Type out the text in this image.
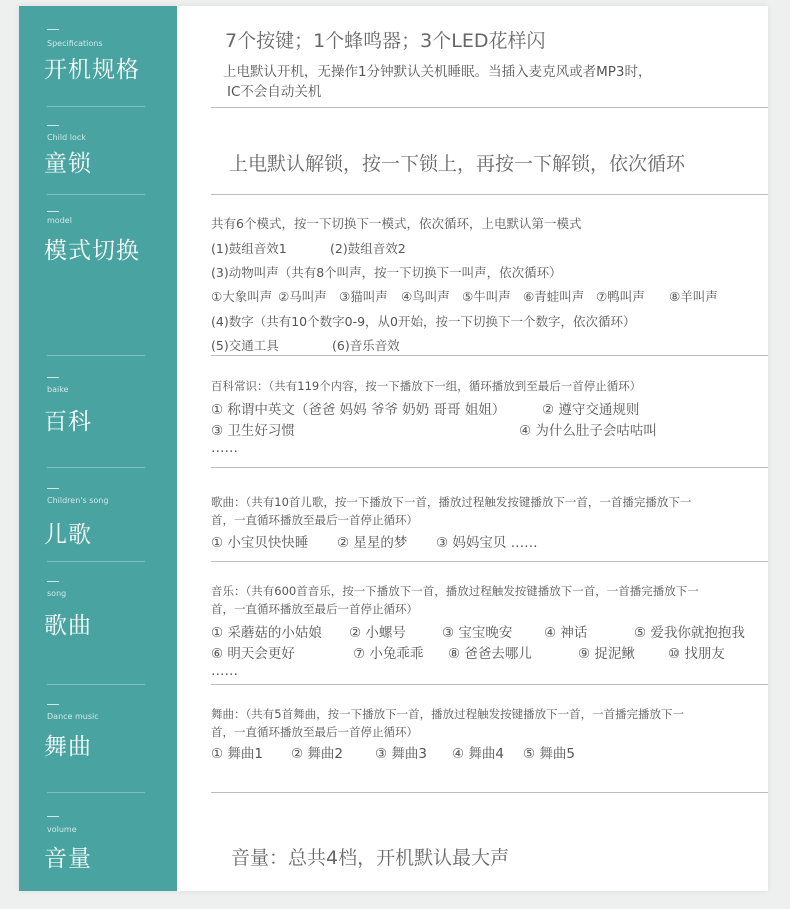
Specifications
开机规格
7个按键；1个蜂鸣器；3个LED花样闪
上电默认开机，无操作1分钟默认关机睡眠。当插入麦克风或者MP3时，
IC不会自动关机
Child lock
童锁	上电默认解锁，按一下锁上，再按一下解锁，依次循环
model
模式切换
共有6个模式，按一下切换下一模式，依次循环，上电默认第一模式
(1)鼓组音效1	(2)鼓组音效2
(3)动物叫声（共有8个叫声，按一下切换下一叫声，依次循环）
①大象叫声 ②马叫声 ③猫叫声 ④鸟叫声 ⑤牛叫声 ⑥青蛙叫声 ⑦鸭叫声 ⑧羊叫声
(4)数字（共有10个数字0-9，从0开始，按一下切换下一个数字，依次循环）
(5)交通工具	(6)音乐音效
baike
百科
百科常识：（共有119个内容，按一下播放下一组，循环播放到至最后一首停止循环）
① 称谓中英文（爸爸 妈妈 爷爷 奶奶 哥哥 姐姐）	② 遵守交通规则
③ 卫生好习惯	④ 为什么肚子会咕咕叫
……
Children's song
儿歌
歌曲：（共有10首儿歌，按一下播放下一首，播放过程触发按键播放下一首，一首播完播放下一
首，一直循环播放至最后一首停止循环）
① 小宝贝快快睡 ② 星星的梦 ③ 妈妈宝贝 ……
song
歌曲
音乐：（共有600首音乐，按一下播放下一首，播放过程触发按键播放下一首，一首播完播放下一
首，一直循环播放至最后一首停止循环）
① 采蘑菇的小姑娘 ② 小螺号	③ 宝宝晚安 ④ 神话	⑤ 爱我你就抱抱我
⑥ 明天会更好	⑦ 小兔乖乖 ⑧ 爸爸去哪儿	⑨ 捉泥鳅 ⑩ 找朋友
……
Dance music
舞曲
舞曲：（共有5首舞曲，按一下播放下一首，播放过程触发按键播放下一首，一首播完播放下一
首，一直循环播放至最后一首停止循环）
① 舞曲1 ② 舞曲2 ③ 舞曲3 ④ 舞曲4 ⑤ 舞曲5
volume
音量	音量：总共4档，开机默认最大声
